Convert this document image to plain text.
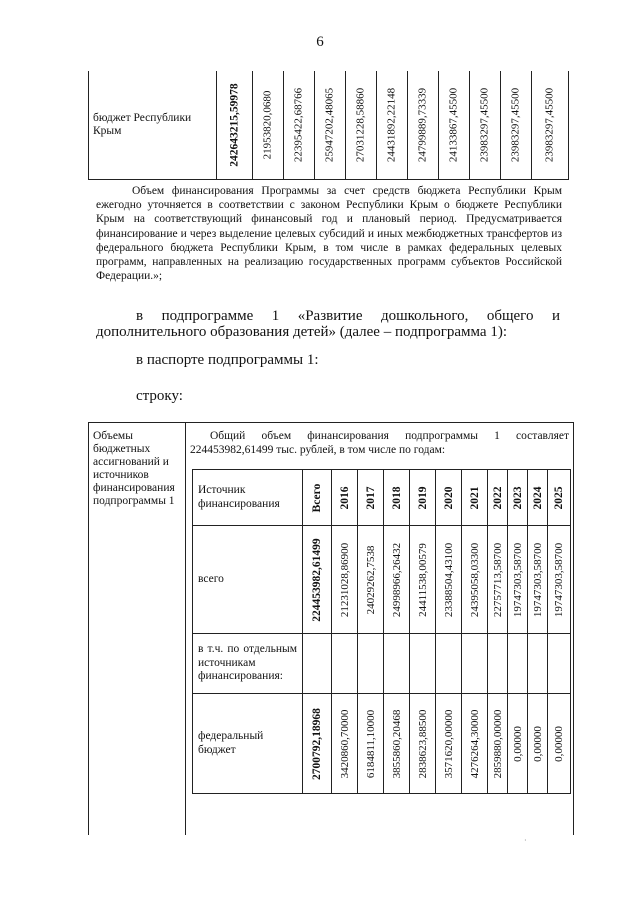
6
бюджет Республики Крым	242643215,59978	21953820,0680	22395422,68766	25947202,48065	27031228,58860	24431892,22148	24799889,73339	24133867,45500	23983297,45500	23983297,45500	23983297,45500

Объем финансирования Программы за счет средств бюджета Республики Крым ежегодно уточняется в соответствии с законом Республики Крым о бюджете Республики Крым на соответствующий финансовый год и плановый период. Предусматривается финансирование и через выделение целевых субсидий и иных межбюджетных трансфертов из федерального бюджета Республики Крым, в том числе в рамках федеральных целевых программ, направленных на реализацию государственных программ субъектов Российской Федерации.»;

в подпрограмме 1 «Развитие дошкольного, общего и

дополнительного образования детей» (далее – подпрограмма 1):

в паспорте подпрограммы 1:

строку:

Объемы бюджетных ассигнований и источников финансирования подпрограммы 1	

Общий объем финансирования подпрограммы 1 составляет 224453982,61499 тыс. рублей, в том числе по годам:

Источник финансирования	Всего	2016	2017	2018	2019	2020	2021	2022	2023	2024	2025

всего	224453982,61499	21231028,86900	24029262,7538	24998966,26432	24411538,00579	23388504,43100	24395058,03300	22757713,58700	19747303,58700	19747303,58700	19747303,58700

в т.ч. по отдельным источникам финансирования:											
федеральный бюджет	2700792,18968	3420860,70000	6184811,10000	3855860,20468	2838623,88500	3571620,00000	4276264,30000	2859880,00000	0,00000	0,00000	0,00000
·
